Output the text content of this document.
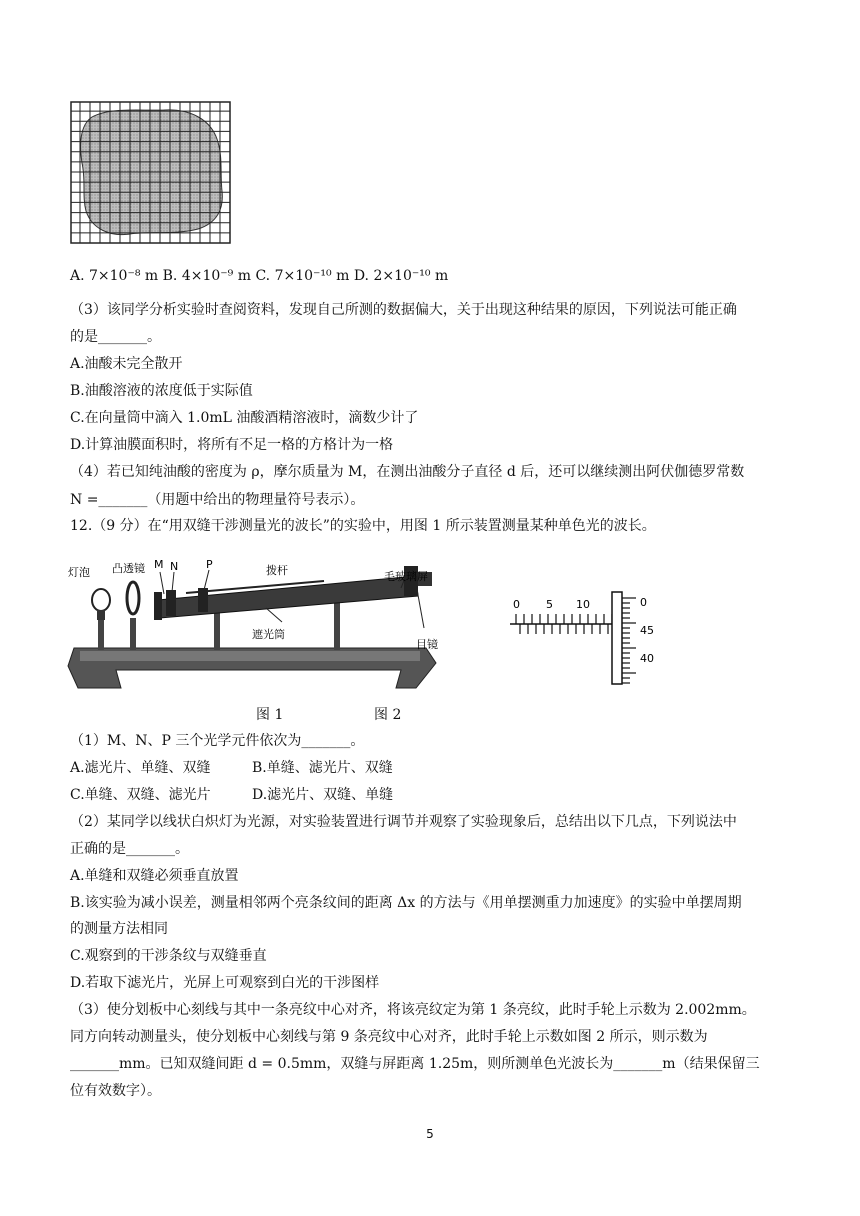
A. 7×10⁻⁸ m B. 4×10⁻⁹ m C. 7×10⁻¹⁰ m D. 2×10⁻¹⁰ m
（3）该同学分析实验时查阅资料，发现自己所测的数据偏大，关于出现这种结果的原因，下列说法可能正确
的是_______。
A.油酸未完全散开
B.油酸溶液的浓度低于实际值
C.在向量筒中滴入 1.0mL 油酸酒精溶液时，滴数少计了
D.计算油膜面积时，将所有不足一格的方格计为一格
（4）若已知纯油酸的密度为 ρ，摩尔质量为 M，在测出油酸分子直径 d 后，还可以继续测出阿伏伽德罗常数
N =_______（用题中给出的物理量符号表示）。
12.（9 分）在“用双缝干涉测量光的波长”的实验中，用图 1 所示装置测量某种单色光的波长。
灯泡 凸透镜 M N	P	拨杆	毛玻璃屏
遮光筒
目镜
0 5 10	0
45
40
图 1	图 2
（1）M、N、P 三个光学元件依次为_______。
A.滤光片、单缝、双缝	B.单缝、滤光片、双缝
C.单缝、双缝、滤光片	D.滤光片、双缝、单缝
（2）某同学以线状白炽灯为光源，对实验装置进行调节并观察了实验现象后，总结出以下几点，下列说法中
正确的是_______。
A.单缝和双缝必须垂直放置
B.该实验为减小误差，测量相邻两个亮条纹间的距离 Δx 的方法与《用单摆测重力加速度》的实验中单摆周期
的测量方法相同
C.观察到的干涉条纹与双缝垂直
D.若取下滤光片，光屏上可观察到白光的干涉图样
（3）使分划板中心刻线与其中一条亮纹中心对齐，将该亮纹定为第 1 条亮纹，此时手轮上示数为 2.002mm。
同方向转动测量头，使分划板中心刻线与第 9 条亮纹中心对齐，此时手轮上示数如图 2 所示，则示数为
_______mm。已知双缝间距 d = 0.5mm，双缝与屏距离 1.25m，则所测单色光波长为_______m（结果保留三
位有效数字）。
5
